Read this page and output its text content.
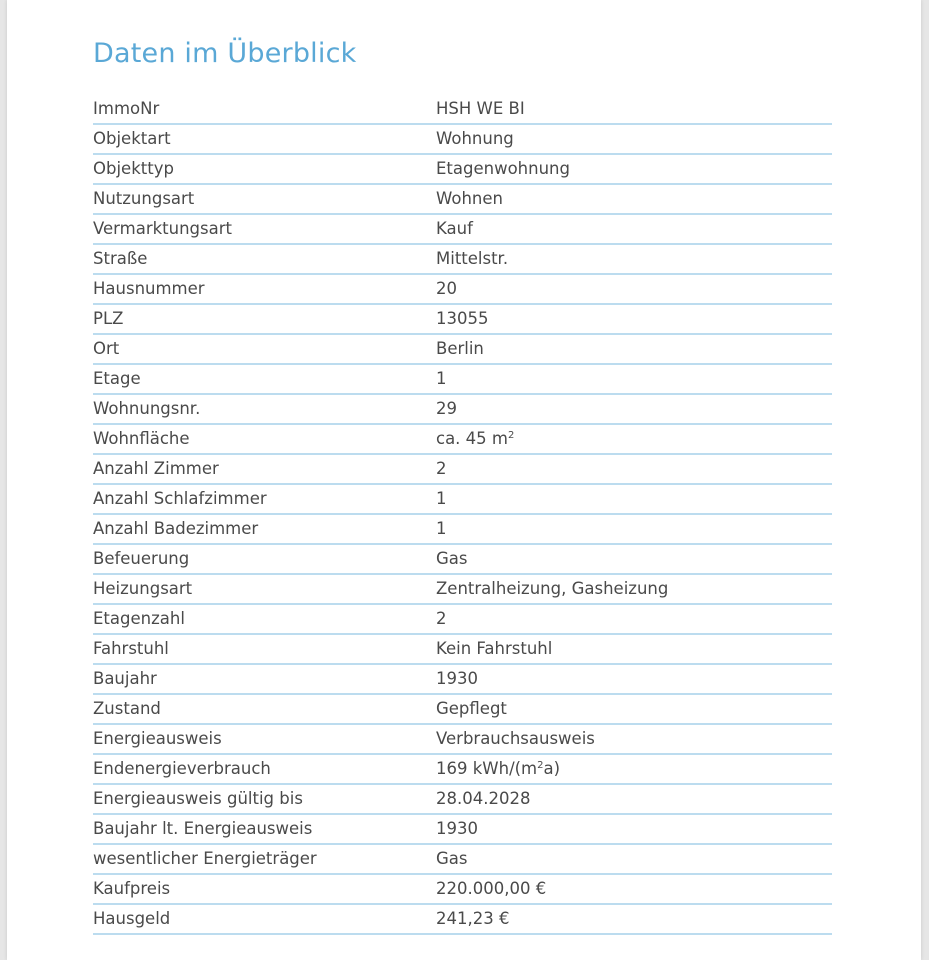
Daten im Überblick
ImmoNr	HSH WE BI
Objektart	Wohnung
Objekttyp	Etagenwohnung
Nutzungsart	Wohnen
Vermarktungsart	Kauf
Straße	Mittelstr.
Hausnummer	20
PLZ	13055
Ort	Berlin
Etage	1
Wohnungsnr.	29
Wohnfläche	ca. 45 $m^2$
Anzahl Zimmer	2
Anzahl Schlafzimmer	1
Anzahl Badezimmer	1
Befeuerung	Gas
Heizungsart	Zentralheizung, Gasheizung
Etagenzahl	2
Fahrstuhl	Kein Fahrstuhl
Baujahr	1930
Zustand	Gepflegt
Energieausweis	Verbrauchsausweis
Endenergieverbrauch	169 kWh/$(m^2a)$
Energieausweis gültig bis	28.04.2028
Baujahr lt. Energieausweis	1930
wesentlicher Energieträger	Gas
Kaufpreis	220.000,00 €
Hausgeld	241,23 €
